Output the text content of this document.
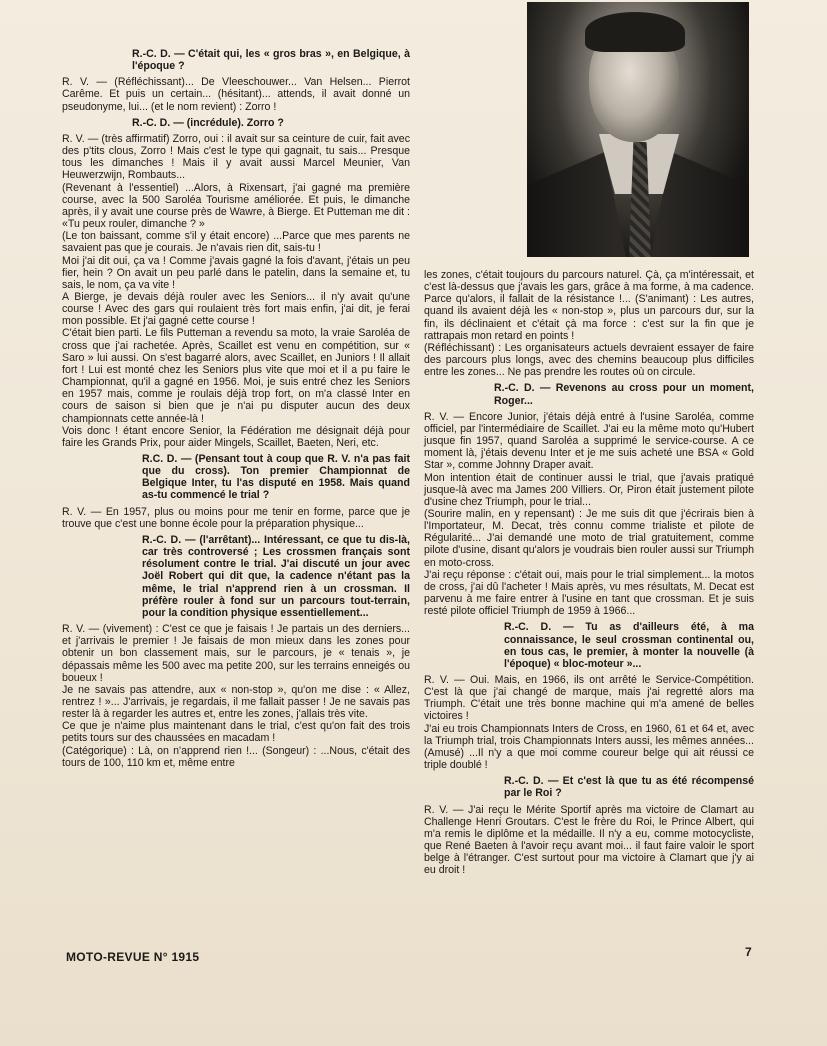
R.-C. D. — C'était qui, les « gros bras », en Belgique, à l'époque ?

R. V. — (Réfléchissant)... De Vleeschouwer... Van Helsen... Pierrot Carême. Et puis un certain... (hésitant)... attends, il avait donné un pseudonyme, lui... (et le nom revient) : Zorro !

R.-C. D. — (incrédule). Zorro ?

R. V. — (très affirmatif) Zorro, oui : il avait sur sa ceinture de cuir, fait avec des p'tits clous, Zorro ! Mais c'est le type qui gagnait, tu sais... Presque tous les dimanches ! Mais il y avait aussi Marcel Meunier, Van Heuwerzwijn, Rombauts...

(Revenant à l'essentiel) ...Alors, à Rixensart, j'ai gagné ma première course, avec la 500 Saroléa Tourisme améliorée. Et puis, le dimanche après, il y avait une course près de Wawre, à Bierge. Et Putteman me dit : «Tu peux rouler, dimanche ? »

(Le ton baissant, comme s'il y était encore) ...Parce que mes parents ne savaient pas que je courais. Je n'avais rien dit, sais-tu !

Moi j'ai dit oui, ça va ! Comme j'avais gagné la fois d'avant, j'étais un peu fier, hein ? On avait un peu parlé dans le patelin, dans la semaine et, tu sais, le nom, ça va vite !

A Bierge, je devais déjà rouler avec les Seniors... il n'y avait qu'une course ! Avec des gars qui roulaient très fort mais enfin, j'ai dit, je ferai mon possible. Et j'ai gagné cette course !

C'était bien parti. Le fils Putteman a revendu sa moto, la vraie Saroléa de cross que j'ai rachetée. Après, Scaillet est venu en compétition, sur « Saro » lui aussi. On s'est bagarré alors, avec Scaillet, en Juniors ! Il allait fort ! Lui est monté chez les Seniors plus vite que moi et il a pu faire le Championnat, qu'il a gagné en 1956. Moi, je suis entré chez les Seniors en 1957 mais, comme je roulais déjà trop fort, on m'a classé Inter en cours de saison si bien que je n'ai pu disputer aucun des deux championnats cette année-là !

Vois donc ! étant encore Senior, la Fédération me désignait déjà pour faire les Grands Prix, pour aider Mingels, Scaillet, Baeten, Neri, etc.

R.C. D. — (Pensant tout à coup que R. V. n'a pas fait que du cross). Ton premier Championnat de Belgique Inter, tu l'as disputé en 1958. Mais quand as-tu commencé le trial ?

R. V. — En 1957, plus ou moins pour me tenir en forme, parce que je trouve que c'est une bonne école pour la préparation physique...

R.-C. D. — (l'arrêtant)... Intéressant, ce que tu dis-là, car très controversé ; Les crossmen français sont résolument contre le trial. J'ai discuté un jour avec Joël Robert qui dit que, la cadence n'étant pas la même, le trial n'apprend rien à un crossman. Il préfère rouler à fond sur un parcours tout-terrain, pour la condition physique essentiellement...

R. V. — (vivement) : C'est ce que je faisais ! Je partais un des derniers... et j'arrivais le premier ! Je faisais de mon mieux dans les zones pour obtenir un bon classement mais, sur le parcours, je « tenais », je dépassais même les 500 avec ma petite 200, sur les terrains enneigés ou boueux !

Je ne savais pas attendre, aux « non-stop », qu'on me dise : « Allez, rentrez ! »... J'arrivais, je regardais, il me fallait passer ! Je ne savais pas rester là à regarder les autres et, entre les zones, j'allais très vite.

Ce que je n'aime plus maintenant dans le trial, c'est qu'on fait des trois petits tours sur des chaussées en macadam !

(Catégorique) : Là, on n'apprend rien !... (Songeur) : ...Nous, c'était des tours de 100, 110 km et, même entre

les zones, c'était toujours du parcours naturel. Çà, ça m'intéressait, et c'est là-dessus que j'avais les gars, grâce à ma forme, à ma cadence. Parce qu'alors, il fallait de la résistance !... (S'animant) : Les autres, quand ils avaient déjà les « non-stop », plus un parcours dur, sur la fin, ils déclinaient et c'était çà ma force : c'est sur la fin que je rattrapais mon retard en points !

(Réfléchissant) : Les organisateurs actuels devraient essayer de faire des parcours plus longs, avec des chemins beaucoup plus difficiles entre les zones... Ne pas prendre les routes où on circule.

R.-C. D. — Revenons au cross pour un moment, Roger...

R. V. — Encore Junior, j'étais déjà entré à l'usine Saroléa, comme officiel, par l'intermédiaire de Scaillet. J'ai eu la même moto qu'Hubert jusque fin 1957, quand Saroléa a supprimé le service-course. A ce moment là, j'étais devenu Inter et je me suis acheté une BSA « Gold Star », comme Johnny Draper avait.

Mon intention était de continuer aussi le trial, que j'avais pratiqué jusque-là avec ma James 200 Villiers. Or, Piron était justement pilote d'usine chez Triumph, pour le trial...

(Sourire malin, en y repensant) : Je me suis dit que j'écrirais bien à l'Importateur, M. Decat, très connu comme trialiste et pilote de Régularité... J'ai demandé une moto de trial gratuitement, comme pilote d'usine, disant qu'alors je voudrais bien rouler aussi sur Triumph en moto-cross.

J'ai reçu réponse : c'était oui, mais pour le trial simplement... la motos de cross, j'ai dû l'acheter ! Mais après, vu mes résultats, M. Decat est parvenu à me faire entrer à l'usine en tant que crossman. Et je suis resté pilote officiel Triumph de 1959 à 1966...

R.-C. D. — Tu as d'ailleurs été, à ma connaissance, le seul crossman continental ou, en tous cas, le premier, à monter la nouvelle (à l'époque) « bloc-moteur »...

R. V. — Oui. Mais, en 1966, ils ont arrêté le Service-Compétition. C'est là que j'ai changé de marque, mais j'ai regretté alors ma Triumph. C'était une très bonne machine qui m'a amené de belles victoires !

J'ai eu trois Championnats Inters de Cross, en 1960, 61 et 64 et, avec la Triumph trial, trois Championnats Inters aussi, les mêmes années... (Amusé) ...Il n'y a que moi comme coureur belge qui ait réussi ce triple doublé !

R.-C. D. — Et c'est là que tu as été récompensé par le Roi ?

R. V. — J'ai reçu le Mérite Sportif après ma victoire de Clamart au Challenge Henri Groutars. C'est le frère du Roi, le Prince Albert, qui m'a remis le diplôme et la médaille. Il n'y a eu, comme motocycliste, que René Baeten à l'avoir reçu avant moi... il faut faire valoir le sport belge à l'étranger. C'est surtout pour ma victoire à Clamart que j'y ai eu droit !

MOTO-REVUE N° 1915	7
